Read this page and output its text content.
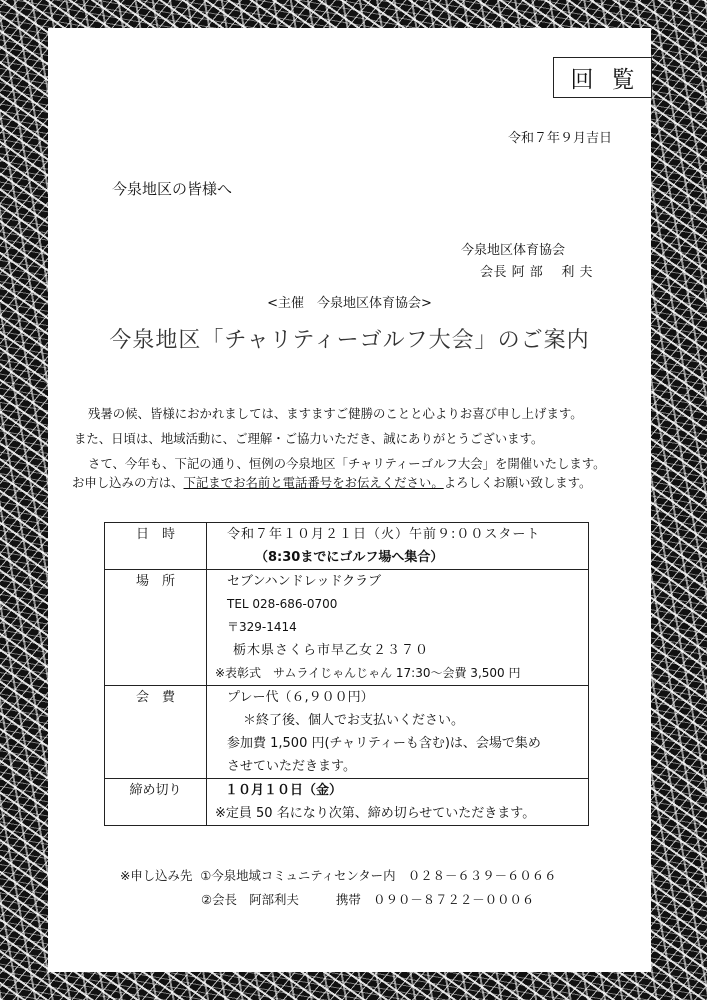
回覧
令和７年９月吉日
今泉地区の皆様へ
今泉地区体育協会
会長 阿 部　 利 夫
<主催　今泉地区体育協会>
今泉地区「チャリティーゴルフ大会」のご案内
残暑の候、皆様におかれましては、ますますご健勝のことと心よりお喜び申し上げます。
また、日頃は、地域活動に、ご理解・ご協力いただき、誠にありがとうございます。
さて、今年も、下記の通り、恒例の今泉地区「チャリティーゴルフ大会」を開催いたします。
お申し込みの方は、下記までお名前と電話番号をお伝えください。よろしくお願い致します。
日　時	令和７年１０月２１日（火）午前９:００スタート
（8:30までにゴルフ場へ集合）

場　所	セブンハンドレッドクラブ
TEL 028-686-0700
〒329-1414
栃木県さくら市早乙女２３７０
※表彰式　サムライじゃんじゃん 17:30～会費 3,500 円

会　費	プレー代（６,９００円）
＊終了後、個人でお支払いください。
参加費 1,500 円(チャリティーも含む)は、会場で集め
させていただきます。

締め切り	１０月１０日（金）
※定員 50 名になり次第、締め切らせていただきます。
※申し込み先 ①今泉地域コミュニティセンター内　０２８－６３９－６０６６
②会長　阿部利夫　　　携帯　０９０－８７２２－０００６
